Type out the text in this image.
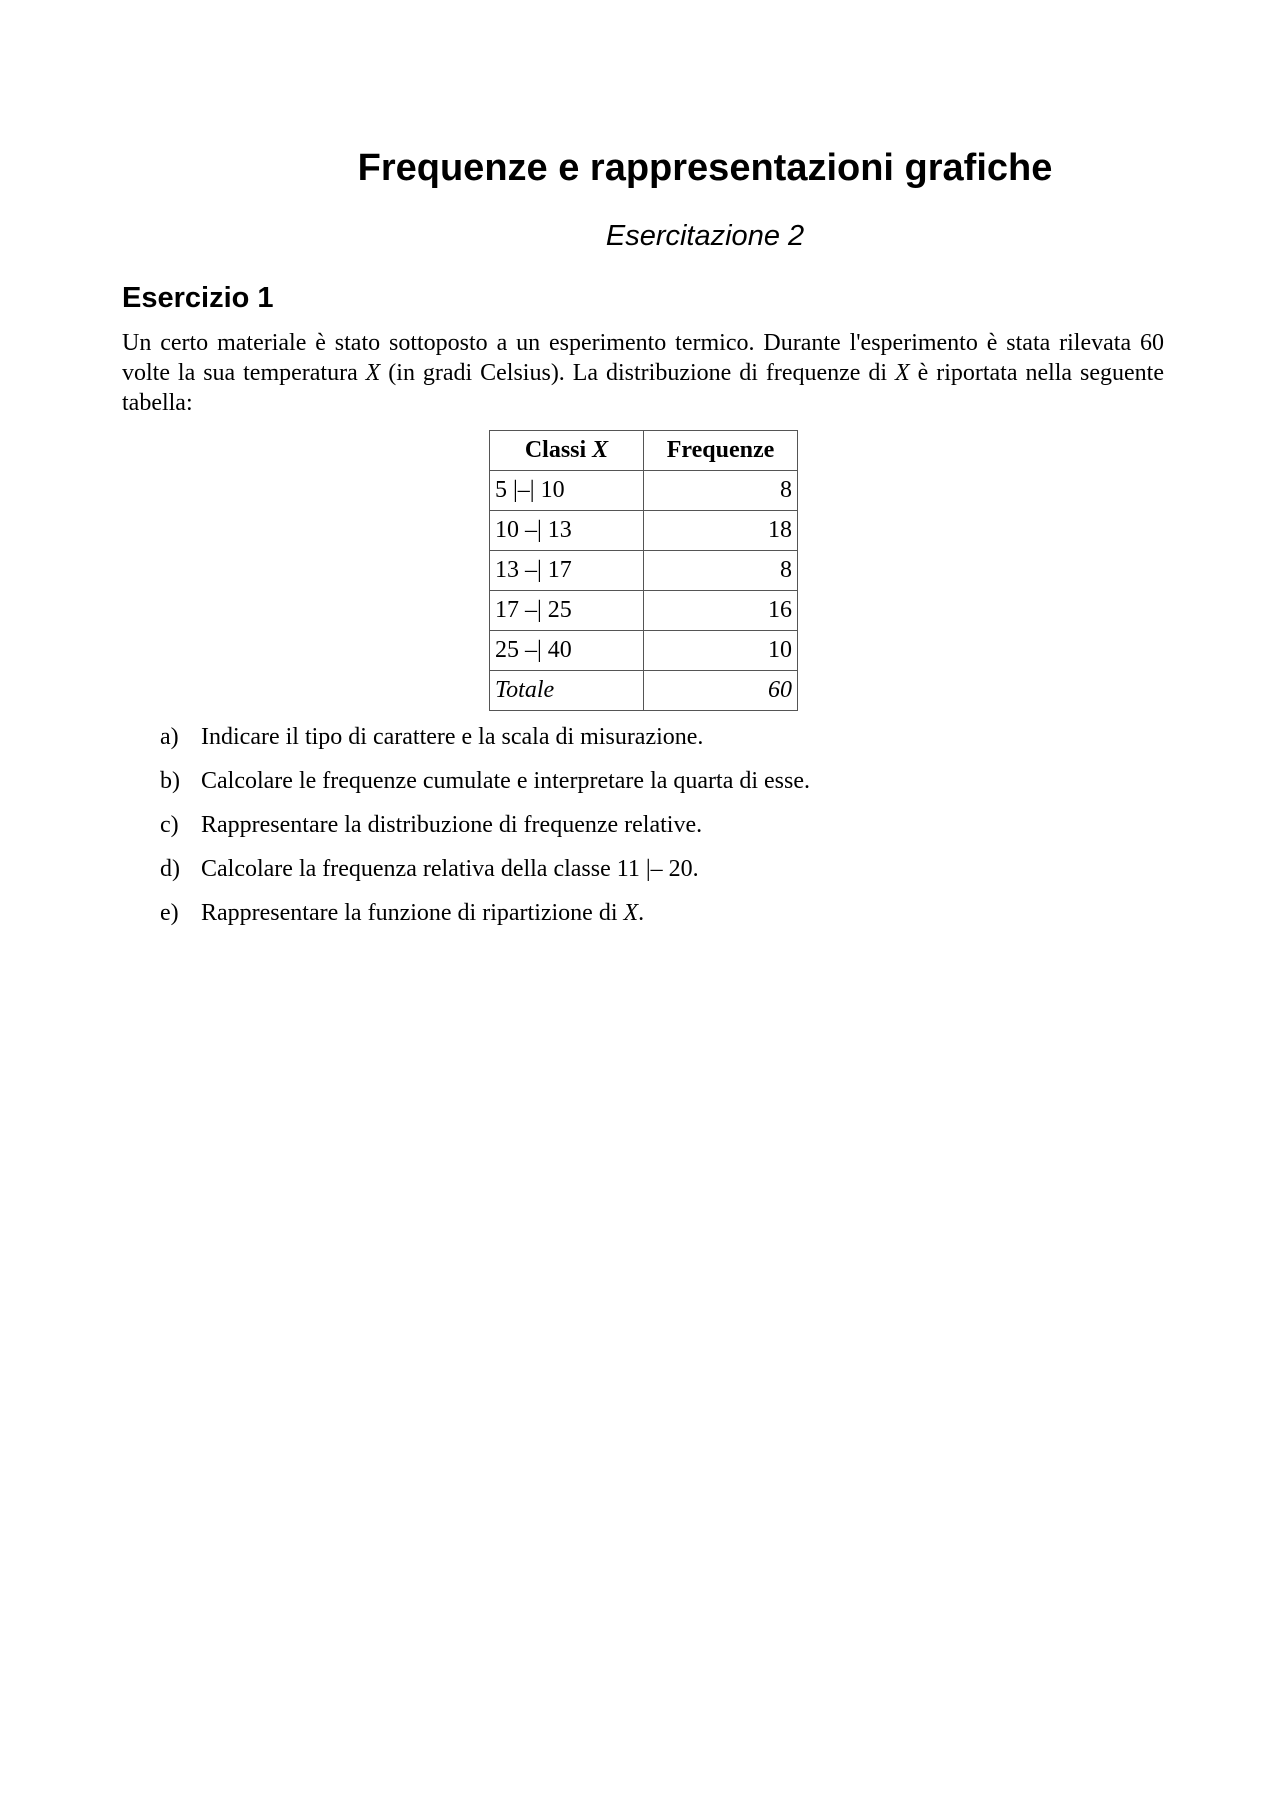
Frequenze e rappresentazioni grafiche
Esercitazione 2
Esercizio 1

Un certo materiale è stato sottoposto a un esperimento termico. Durante l'esperimento è stata rilevata 60 volte la sua temperatura X (in gradi Celsius). La distribuzione di frequenze di X è riportata nella seguente tabella:

Classi X	Frequenze
5 |–| 10	8
10 –| 13	18
13 –| 17	8
17 –| 25	16
25 –| 40	10
Totale	60
a) Indicare il tipo di carattere e la scala di misurazione.
b) Calcolare le frequenze cumulate e interpretare la quarta di esse.
c) Rappresentare la distribuzione di frequenze relative.
d) Calcolare la frequenza relativa della classe 11 |– 20.
e) Rappresentare la funzione di ripartizione di X.
